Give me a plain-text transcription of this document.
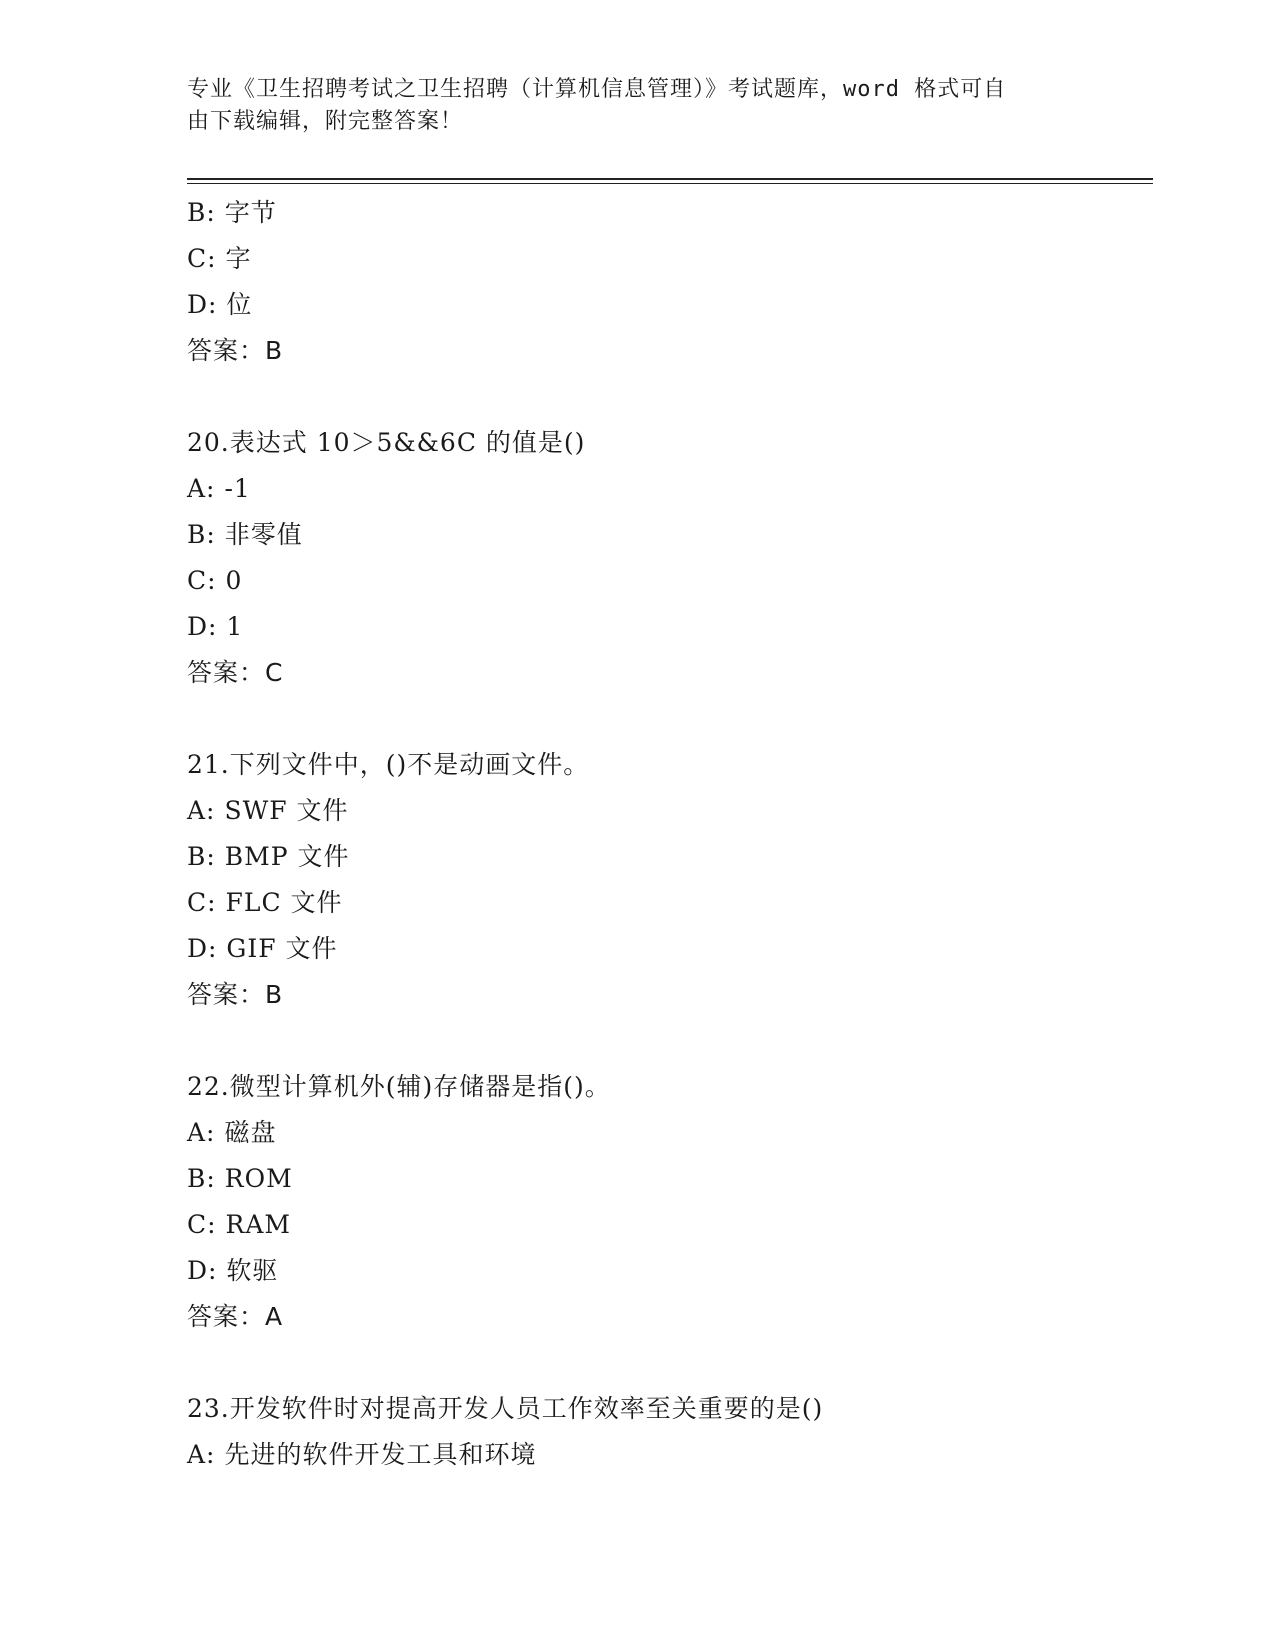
专业《卫生招聘考试之卫生招聘（计算机信息管理）》考试题库，word 格式可自
由下载编辑，附完整答案！
B: 字节
C: 字
D: 位
答案：B
20.表达式 10＞5&&6C 的值是()
A: -1
B: 非零值
C: 0
D: 1
答案：C
21.下列文件中，()不是动画文件。
A: SWF 文件
B: BMP 文件
C: FLC 文件
D: GIF 文件
答案：B
22.微型计算机外(辅)存储器是指()。
A: 磁盘
B: ROM
C: RAM
D: 软驱
答案：A
23.开发软件时对提高开发人员工作效率至关重要的是()
A: 先进的软件开发工具和环境
